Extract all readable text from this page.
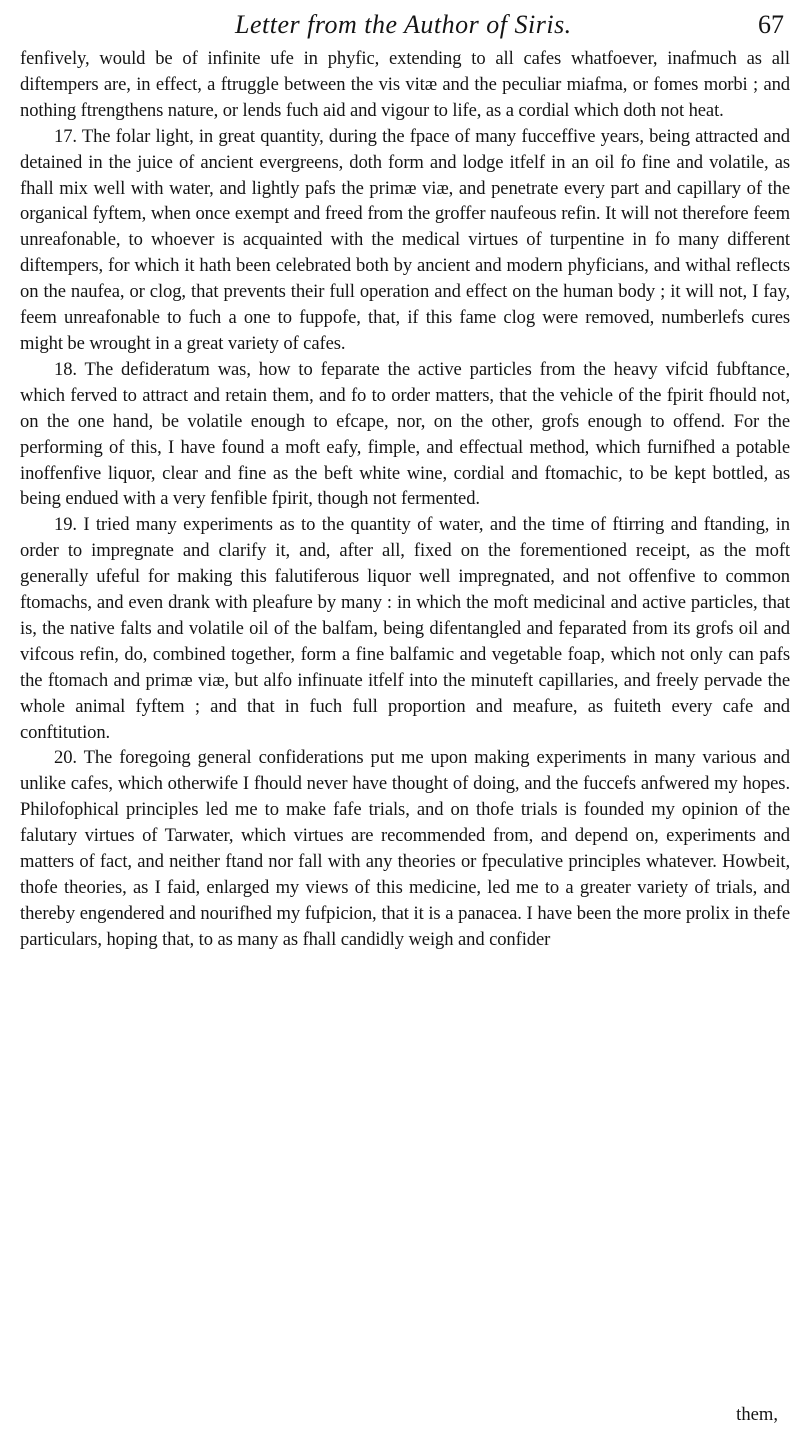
Letter from the Author of Siris.	67

fenfively, would be of infinite ufe in phyfic, extending to all cafes whatfoever, inafmuch as all diftempers are, in effect, a ftruggle between the vis vitæ and the peculiar miafma, or fomes morbi ; and nothing ftrengthens nature, or lends fuch aid and vigour to life, as a cordial which doth not heat.

17. The folar light, in great quantity, during the fpace of many fucceffive years, being attracted and detained in the juice of ancient evergreens, doth form and lodge itfelf in an oil fo fine and volatile, as fhall mix well with water, and lightly pafs the primæ viæ, and penetrate every part and capillary of the organical fyftem, when once exempt and freed from the groffer naufeous refin. It will not therefore feem unreafonable, to whoever is acquainted with the medical virtues of turpentine in fo many different diftempers, for which it hath been celebrated both by ancient and modern phyficians, and withal reflects on the naufea, or clog, that prevents their full operation and effect on the human body ; it will not, I fay, feem unreafonable to fuch a one to fuppofe, that, if this fame clog were removed, numberlefs cures might be wrought in a great variety of cafes.

18. The defideratum was, how to feparate the active particles from the heavy vifcid fubftance, which ferved to attract and retain them, and fo to order matters, that the vehicle of the fpirit fhould not, on the one hand, be volatile enough to efcape, nor, on the other, grofs enough to offend. For the performing of this, I have found a moft eafy, fimple, and effectual method, which furnifhed a potable inoffenfive liquor, clear and fine as the beft white wine, cordial and ftomachic, to be kept bottled, as being endued with a very fenfible fpirit, though not fermented.

19. I tried many experiments as to the quantity of water, and the time of ftirring and ftanding, in order to impregnate and clarify it, and, after all, fixed on the forementioned receipt, as the moft generally ufeful for making this falutiferous liquor well impregnated, and not offenfive to common ftomachs, and even drank with pleafure by many : in which the moft medicinal and active particles, that is, the native falts and volatile oil of the balfam, being difentangled and feparated from its grofs oil and vifcous refin, do, combined together, form a fine balfamic and vegetable foap, which not only can pafs the ftomach and primæ viæ, but alfo infinuate itfelf into the minuteft capillaries, and freely pervade the whole animal fyftem ; and that in fuch full proportion and meafure, as fuiteth every cafe and conftitution.

20. The foregoing general confiderations put me upon making experiments in many various and unlike cafes, which otherwife I fhould never have thought of doing, and the fuccefs anfwered my hopes. Philofophical principles led me to make fafe trials, and on thofe trials is founded my opinion of the falutary virtues of Tarwater, which virtues are recommended from, and depend on, experiments and matters of fact, and neither ftand nor fall with any theories or fpeculative principles whatever. Howbeit, thofe theories, as I faid, enlarged my views of this medicine, led me to a greater variety of trials, and thereby engendered and nourifhed my fufpicion, that it is a panacea. I have been the more prolix in thefe particulars, hoping that, to as many as fhall candidly weigh and confider

them,
